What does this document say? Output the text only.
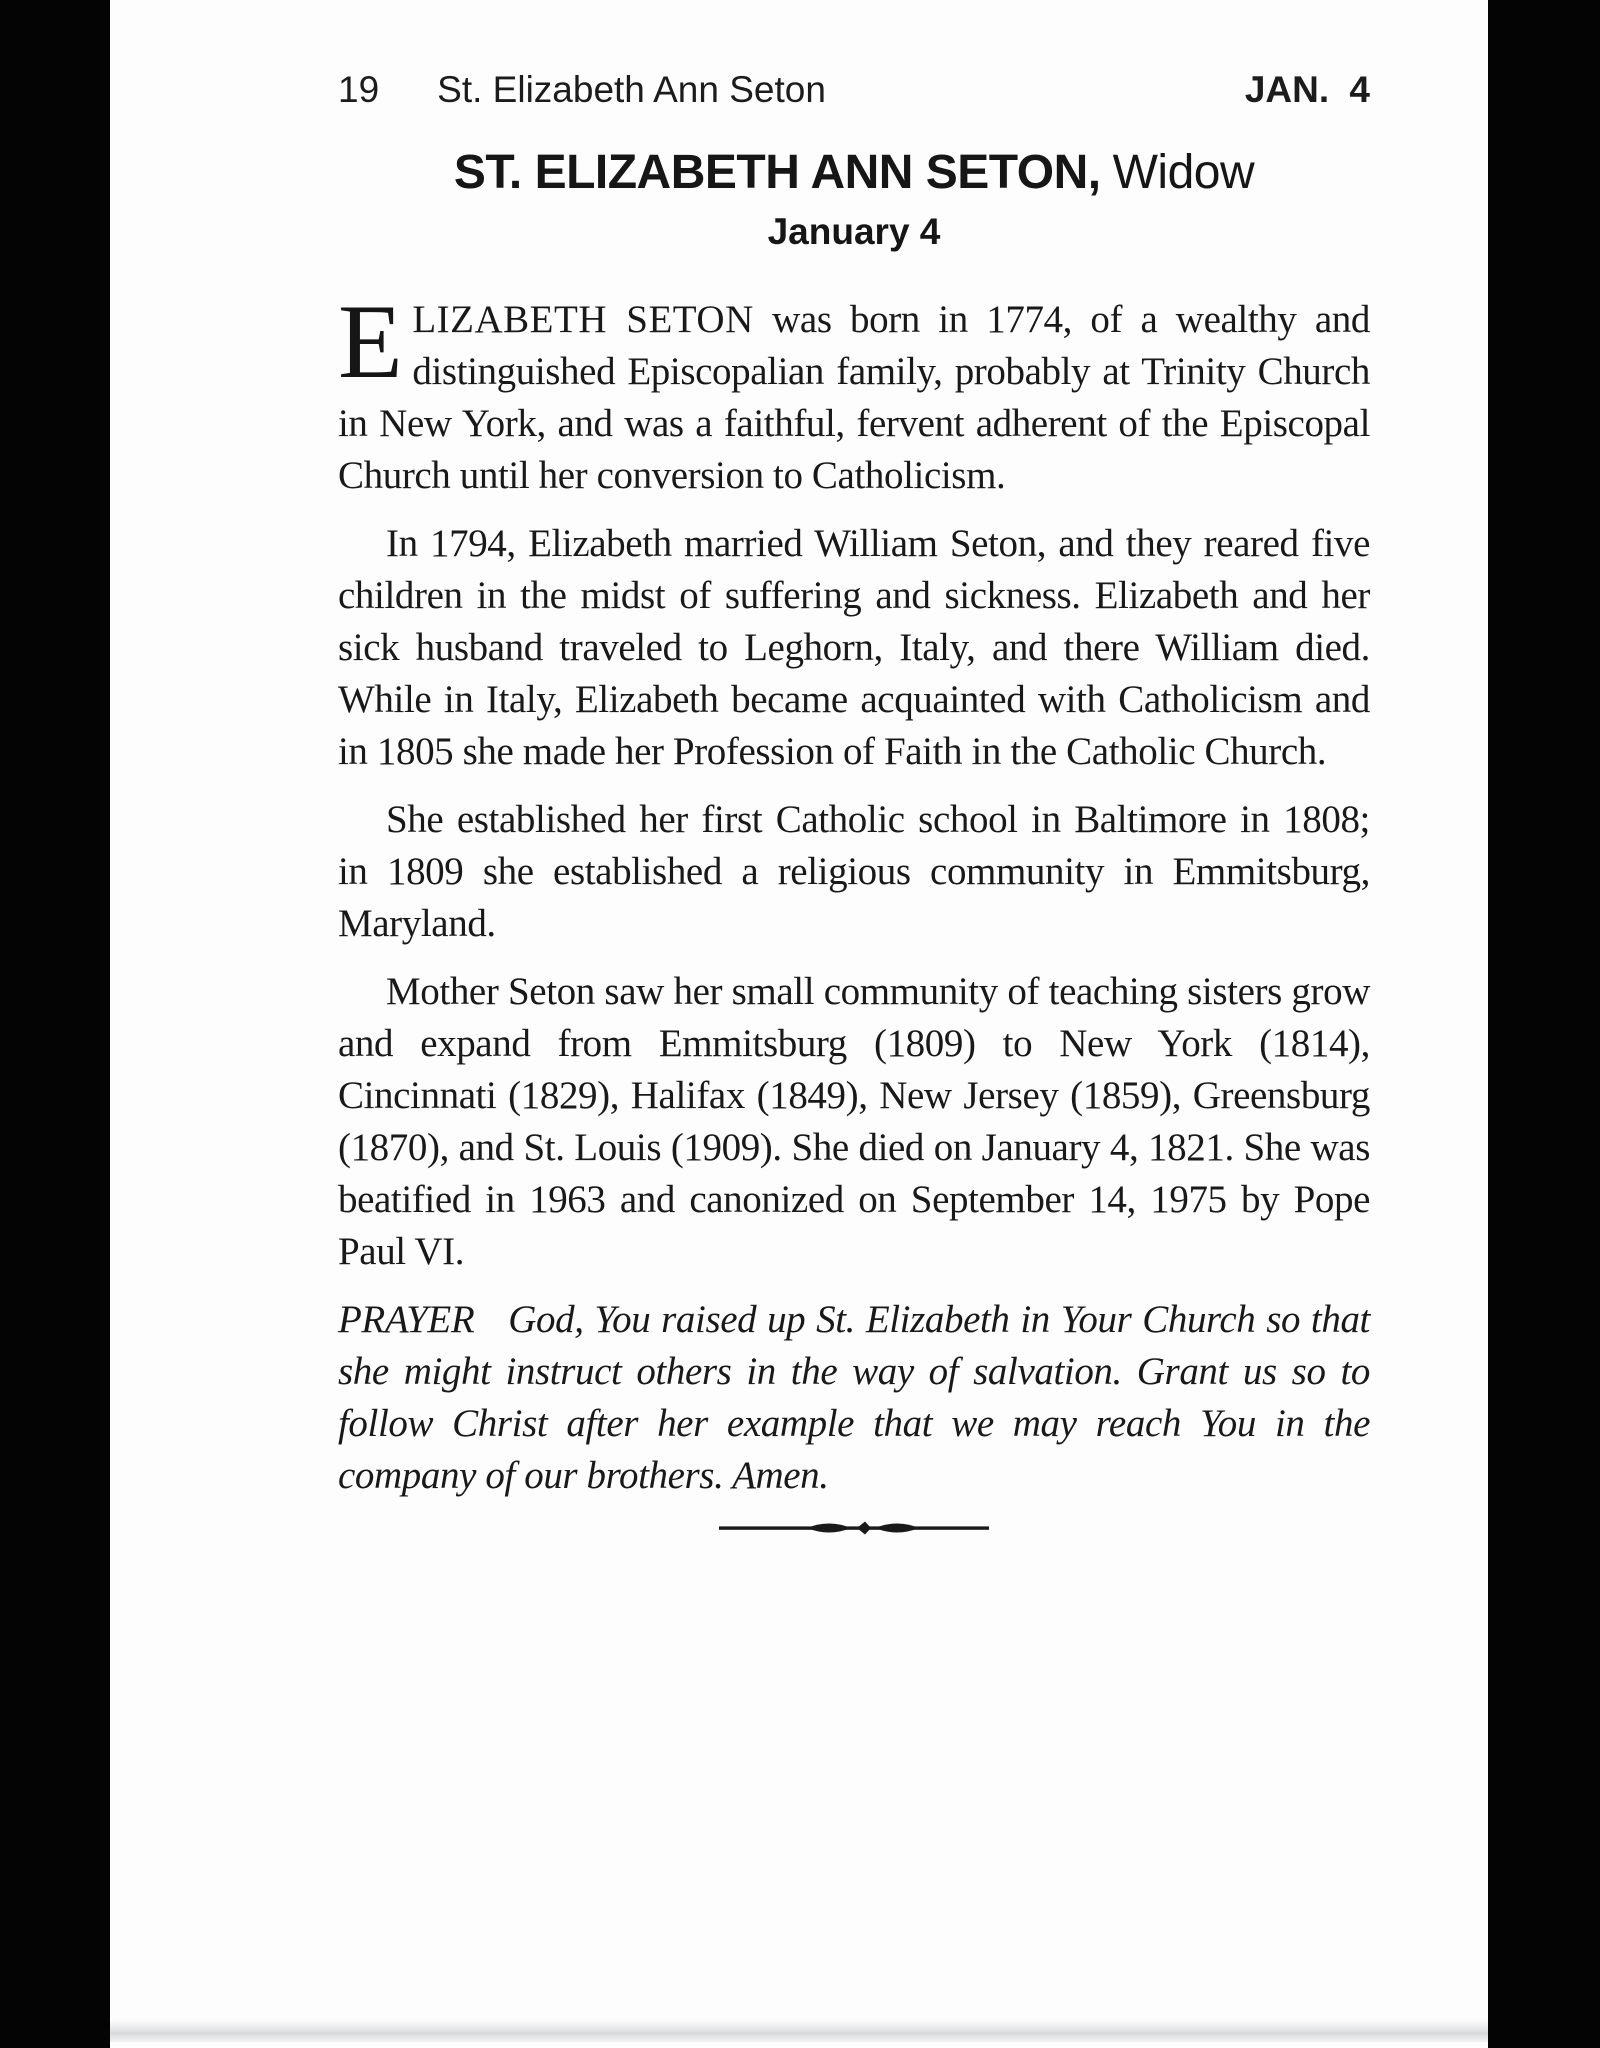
19 St. Elizabeth Ann Seton	JAN. 4
ST. ELIZABETH ANN SETON, Widow
January 4

ELIZABETH SETON was born in 1774, of a wealthy and distinguished Episcopalian family, probably at Trinity Church in New York, and was a faithful, fervent adherent of the Episcopal Church until her conversion to Catholicism.

In 1794, Elizabeth married William Seton, and they reared five children in the midst of suffering and sickness. Elizabeth and her sick husband traveled to Leghorn, Italy, and there William died. While in Italy, Elizabeth became acquainted with Catholicism and in 1805 she made her Profession of Faith in the Catholic Church.

She established her first Catholic school in Baltimore in 1808; in 1809 she established a religious community in Emmitsburg, Maryland.

Mother Seton saw her small community of teaching sisters grow and expand from Emmitsburg (1809) to New York (1814), Cincinnati (1829), Halifax (1849), New Jersey (1859), Greensburg (1870), and St. Louis (1909). She died on January 4, 1821. She was beatified in 1963 and canonized on September 14, 1975 by Pope Paul VI.

PRAYER God, You raised up St. Elizabeth in Your Church so that she might instruct others in the way of salvation. Grant us so to follow Christ after her example that we may reach You in the company of our brothers. Amen.
